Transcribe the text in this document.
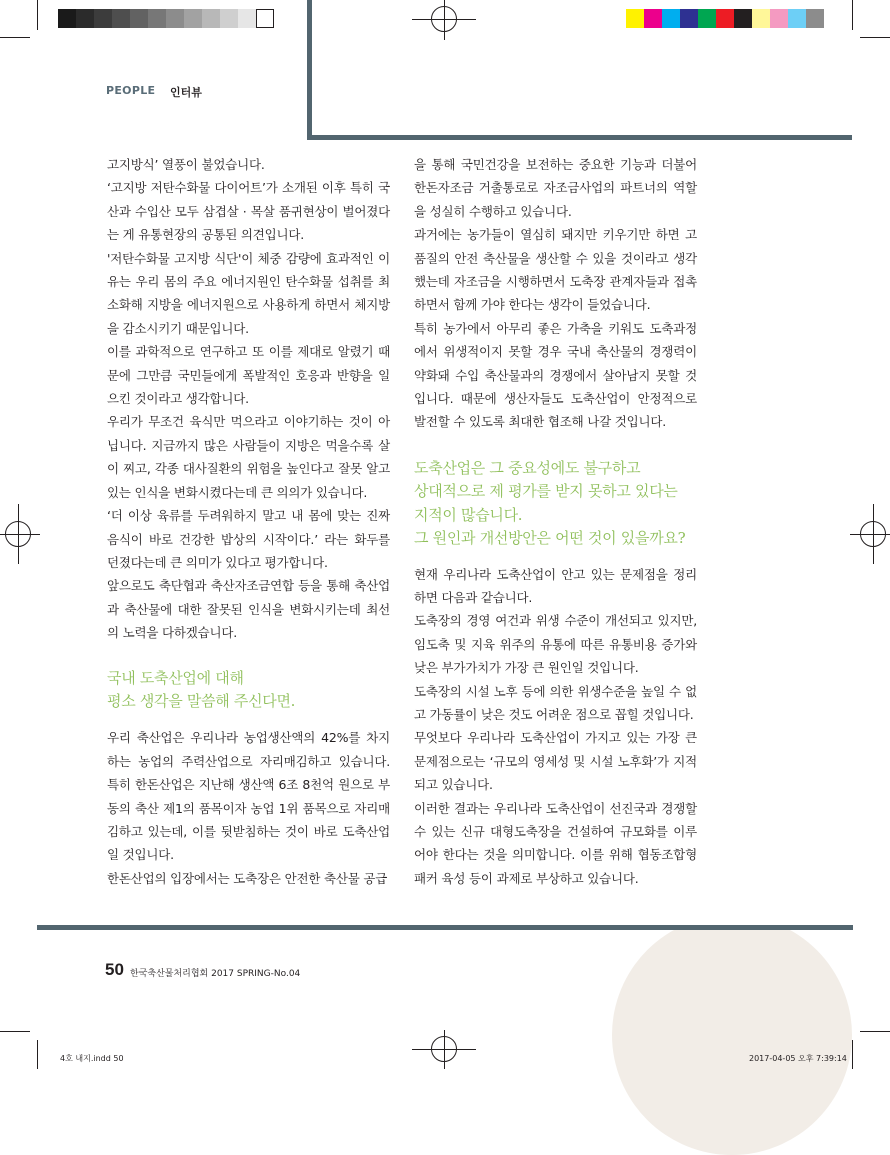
PEOPLE 인터뷰

고지방식’ 열풍이 불었습니다.

‘고지방 저탄수화물 다이어트’가 소개된 이후 특히 국산과 수입산 모두 삼겹살 · 목살 품귀현상이 벌어졌다는 게 유통현장의 공통된 의견입니다.

'저탄수화물 고지방 식단'이 체중 감량에 효과적인 이유는 우리 몸의 주요 에너지원인 탄수화물 섭취를 최소화해 지방을 에너지원으로 사용하게 하면서 체지방을 감소시키기 때문입니다.

이를 과학적으로 연구하고 또 이를 제대로 알렸기 때문에 그만큼 국민들에게 폭발적인 호응과 반향을 일으킨 것이라고 생각합니다.

우리가 무조건 육식만 먹으라고 이야기하는 것이 아닙니다. 지금까지 많은 사람들이 지방은 먹을수록 살이 찌고, 각종 대사질환의 위험을 높인다고 잘못 알고 있는 인식을 변화시켰다는데 큰 의의가 있습니다.

‘더 이상 육류를 두려워하지 말고 내 몸에 맞는 진짜 음식이 바로 건강한 밥상의 시작이다.’ 라는 화두를 던졌다는데 큰 의미가 있다고 평가합니다.

앞으로도 축단협과 축산자조금연합 등을 통해 축산업과 축산물에 대한 잘못된 인식을 변화시키는데 최선의 노력을 다하겠습니다.

국내 도축산업에 대해

평소 생각을 말씀해 주신다면.

우리 축산업은 우리나라 농업생산액의 42%를 차지하는 농업의 주력산업으로 자리매김하고 있습니다. 특히 한돈산업은 지난해 생산액 6조 8천억 원으로 부동의 축산 제1의 품목이자 농업 1위 품목으로 자리매김하고 있는데, 이를 뒷받침하는 것이 바로 도축산업일 것입니다.

한돈산업의 입장에서는 도축장은 안전한 축산물 공급

을 통해 국민건강을 보전하는 중요한 기능과 더불어 한돈자조금 거출통로로 자조금사업의 파트너의 역할을 성실히 수행하고 있습니다.

과거에는 농가들이 열심히 돼지만 키우기만 하면 고품질의 안전 축산물을 생산할 수 있을 것이라고 생각했는데 자조금을 시행하면서 도축장 관계자들과 접촉하면서 함께 가야 한다는 생각이 들었습니다.

특히 농가에서 아무리 좋은 가축을 키워도 도축과정에서 위생적이지 못할 경우 국내 축산물의 경쟁력이 약화돼 수입 축산물과의 경쟁에서 살아남지 못할 것입니다. 때문에 생산자들도 도축산업이 안정적으로 발전할 수 있도록 최대한 협조해 나갈 것입니다.

도축산업은 그 중요성에도 불구하고

상대적으로 제 평가를 받지 못하고 있다는

지적이 많습니다.

그 원인과 개선방안은 어떤 것이 있을까요?

현재 우리나라 도축산업이 안고 있는 문제점을 정리하면 다음과 같습니다.

도축장의 경영 여건과 위생 수준이 개선되고 있지만, 임도축 및 지육 위주의 유통에 따른 유통비용 증가와 낮은 부가가치가 가장 큰 원인일 것입니다.

도축장의 시설 노후 등에 의한 위생수준을 높일 수 없고 가동률이 낮은 것도 어려운 점으로 꼽힐 것입니다.

무엇보다 우리나라 도축산업이 가지고 있는 가장 큰 문제점으로는 ‘규모의 영세성 및 시설 노후화’가 지적되고 있습니다.

이러한 결과는 우리나라 도축산업이 선진국과 경쟁할 수 있는 신규 대형도축장을 건설하여 규모화를 이루어야 한다는 것을 의미합니다. 이를 위해 협동조합형 패커 육성 등이 과제로 부상하고 있습니다.

50 한국축산물처리협회 2017 SPRING-No.04
4호 내지.indd 50	2017-04-05 오후 7:39:14
